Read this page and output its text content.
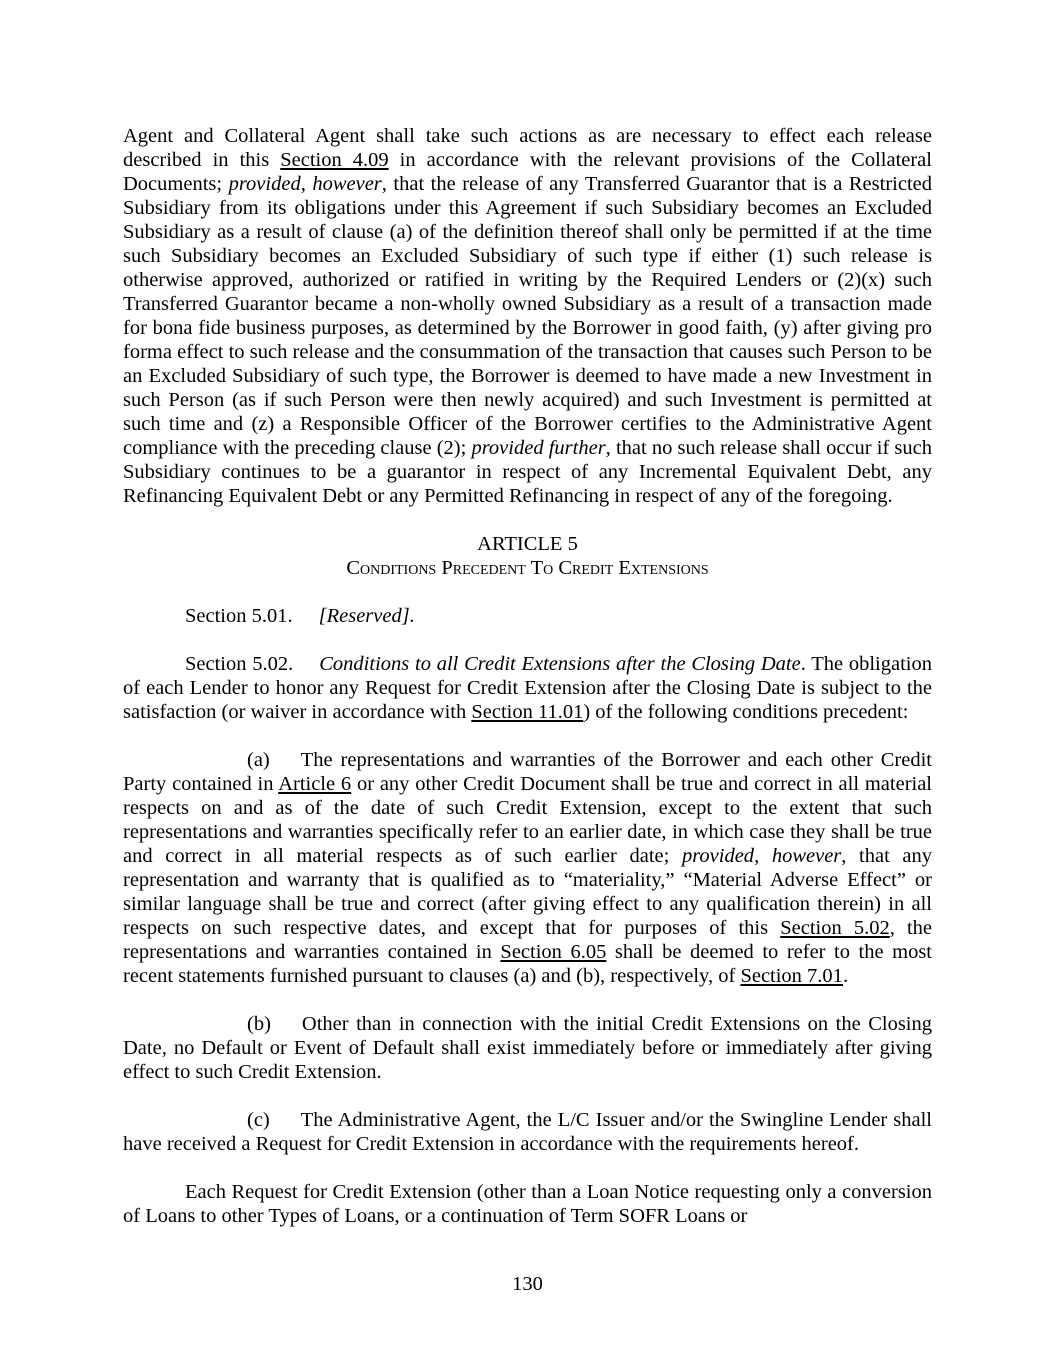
Agent and Collateral Agent shall take such actions as are necessary to effect each release described in this Section 4.09 in accordance with the relevant provisions of the Collateral Documents; provided, however, that the release of any Transferred Guarantor that is a Restricted Subsidiary from its obligations under this Agreement if such Subsidiary becomes an Excluded Subsidiary as a result of clause (a) of the definition thereof shall only be permitted if at the time such Subsidiary becomes an Excluded Subsidiary of such type if either (1) such release is otherwise approved, authorized or ratified in writing by the Required Lenders or (2)(x) such Transferred Guarantor became a non-wholly owned Subsidiary as a result of a transaction made for bona fide business purposes, as determined by the Borrower in good faith, (y) after giving pro forma effect to such release and the consummation of the transaction that causes such Person to be an Excluded Subsidiary of such type, the Borrower is deemed to have made a new Investment in such Person (as if such Person were then newly acquired) and such Investment is permitted at such time and (z) a Responsible Officer of the Borrower certifies to the Administrative Agent compliance with the preceding clause (2); provided further, that no such release shall occur if such Subsidiary continues to be a guarantor in respect of any Incremental Equivalent Debt, any Refinancing Equivalent Debt or any Permitted Refinancing in respect of any of the foregoing.

ARTICLE 5
Conditions Precedent To Credit Extensions

Section 5.01. [Reserved].

Section 5.02. Conditions to all Credit Extensions after the Closing Date. The obligation of each Lender to honor any Request for Credit Extension after the Closing Date is subject to the satisfaction (or waiver in accordance with Section 11.01) of the following conditions precedent:

(a) The representations and warranties of the Borrower and each other Credit Party contained in Article 6 or any other Credit Document shall be true and correct in all material respects on and as of the date of such Credit Extension, except to the extent that such representations and warranties specifically refer to an earlier date, in which case they shall be true and correct in all material respects as of such earlier date; provided, however, that any representation and warranty that is qualified as to “materiality,” “Material Adverse Effect” or similar language shall be true and correct (after giving effect to any qualification therein) in all respects on such respective dates, and except that for purposes of this Section 5.02, the representations and warranties contained in Section 6.05 shall be deemed to refer to the most recent statements furnished pursuant to clauses (a) and (b), respectively, of Section 7.01.

(b) Other than in connection with the initial Credit Extensions on the Closing Date, no Default or Event of Default shall exist immediately before or immediately after giving effect to such Credit Extension.

(c) The Administrative Agent, the L/C Issuer and/or the Swingline Lender shall have received a Request for Credit Extension in accordance with the requirements hereof.

Each Request for Credit Extension (other than a Loan Notice requesting only a conversion of Loans to other Types of Loans, or a continuation of Term SOFR Loans or

130
